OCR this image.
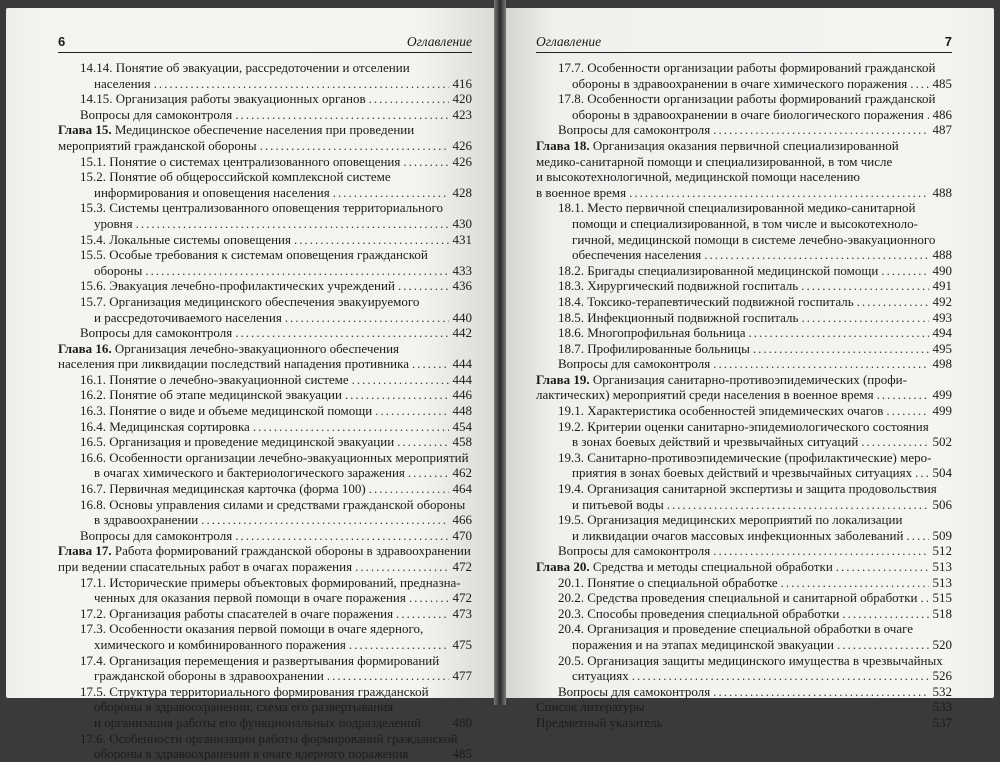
6	Оглавление
14.14. Понятие об эвакуации, рассредоточении и отселении
населения .....	416
14.15. Организация работы эвакуационных органов .....	420
Вопросы для самоконтроля .....	423
Глава 15. Медицинское обеспечение населения при проведении
мероприятий гражданской обороны .....	426
15.1. Понятие о системах централизованного оповещения .....	426
15.2. Понятие об общероссийской комплексной системе
информирования и оповещения населения .....	428
15.3. Системы централизованного оповещения территориального
уровня .....	430
15.4. Локальные системы оповещения .....	431
15.5. Особые требования к системам оповещения гражданской
обороны .....	433
15.6. Эвакуация лечебно-профилактических учреждений .....	436
15.7. Организация медицинского обеспечения эвакуируемого
и рассредоточиваемого населения .....	440
Вопросы для самоконтроля .....	442
Глава 16. Организация лечебно-эвакуационного обеспечения
населения при ликвидации последствий нападения противника .....	444
16.1. Понятие о лечебно-эвакуационной системе .....	444
16.2. Понятие об этапе медицинской эвакуации .....	446
16.3. Понятие о виде и объеме медицинской помощи .....	448
16.4. Медицинская сортировка .....	454
16.5. Организация и проведение медицинской эвакуации .....	458
16.6. Особенности организации лечебно-эвакуационных мероприятий
в очагах химического и бактериологического заражения .....	462
16.7. Первичная медицинская карточка (форма 100) .....	464
16.8. Основы управления силами и средствами гражданской обороны
в здравоохранении .....	466
Вопросы для самоконтроля .....	470
Глава 17. Работа формирований гражданской обороны в здравоохранении
при ведении спасательных работ в очагах поражения .....	472
17.1. Исторические примеры объектовых формирований, предназна-
ченных для оказания первой помощи в очаге поражения .....	472
17.2. Организация работы спасателей в очаге поражения .....	473
17.3. Особенности оказания первой помощи в очаге ядерного,
химического и комбинированного поражения .....	475
17.4. Организация перемещения и развертывания формирований
гражданской обороны в здравоохранении .....	477
17.5. Структура территориального формирования гражданской
обороны в здравоохранении, схема его развертывания
и организация работы его функциональных подразделений ..... 480
17.6. Особенности организации работы формирований гражданской
обороны в здравоохранении в очаге ядерного поражения .....	485
Оглавление	7
17.7. Особенности организации работы формирований гражданской
обороны в здравоохранении в очаге химического поражения ..... 485
17.8. Особенности организации работы формирований гражданской
обороны в здравоохранении в очаге биологического поражения ..... 486
Вопросы для самоконтроля .....	487
Глава 18. Организация оказания первичной специализированной
медико-санитарной помощи и специализированной, в том числе
и высокотехнологичной, медицинской помощи населению
в военное время .....	488
18.1. Место первичной специализированной медико-санитарной
помощи и специализированной, в том числе и высокотехноло-
гичной, медицинской помощи в системе лечебно-эвакуационного
обеспечения населения .....	488
18.2. Бригады специализированной медицинской помощи .....	490
18.3. Хирургический подвижной госпиталь .....	491
18.4. Токсико-терапевтический подвижной госпиталь .....	492
18.5. Инфекционный подвижной госпиталь .....	493
18.6. Многопрофильная больница .....	494
18.7. Профилированные больницы .....	495
Вопросы для самоконтроля .....	498
Глава 19. Организация санитарно-противоэпидемических (профи-
лактических) мероприятий среди населения в военное время .....	499
19.1. Характеристика особенностей эпидемических очагов .....	499
19.2. Критерии оценки санитарно-эпидемиологического состояния
в зонах боевых действий и чрезвычайных ситуаций .....	502
19.3. Санитарно-противоэпидемические (профилактические) меро-
приятия в зонах боевых действий и чрезвычайных ситуациях ..... 504
19.4. Организация санитарной экспертизы и защита продовольствия
и питьевой воды .....	506
19.5. Организация медицинских мероприятий по локализации
и ликвидации очагов массовых инфекционных заболеваний ..... 509
Вопросы для самоконтроля .....	512
Глава 20. Средства и методы специальной обработки .....	513
20.1. Понятие о специальной обработке .....	513
20.2. Средства проведения специальной и санитарной обработки ..... 515
20.3. Способы проведения специальной обработки .....	518
20.4. Организация и проведение специальной обработки в очаге
поражения и на этапах медицинской эвакуации .....	520
20.5. Организация защиты медицинского имущества в чрезвычайных
ситуациях .....	526
Вопросы для самоконтроля .....	532
Список литературы .....	533
Предметный указатель .....	537
